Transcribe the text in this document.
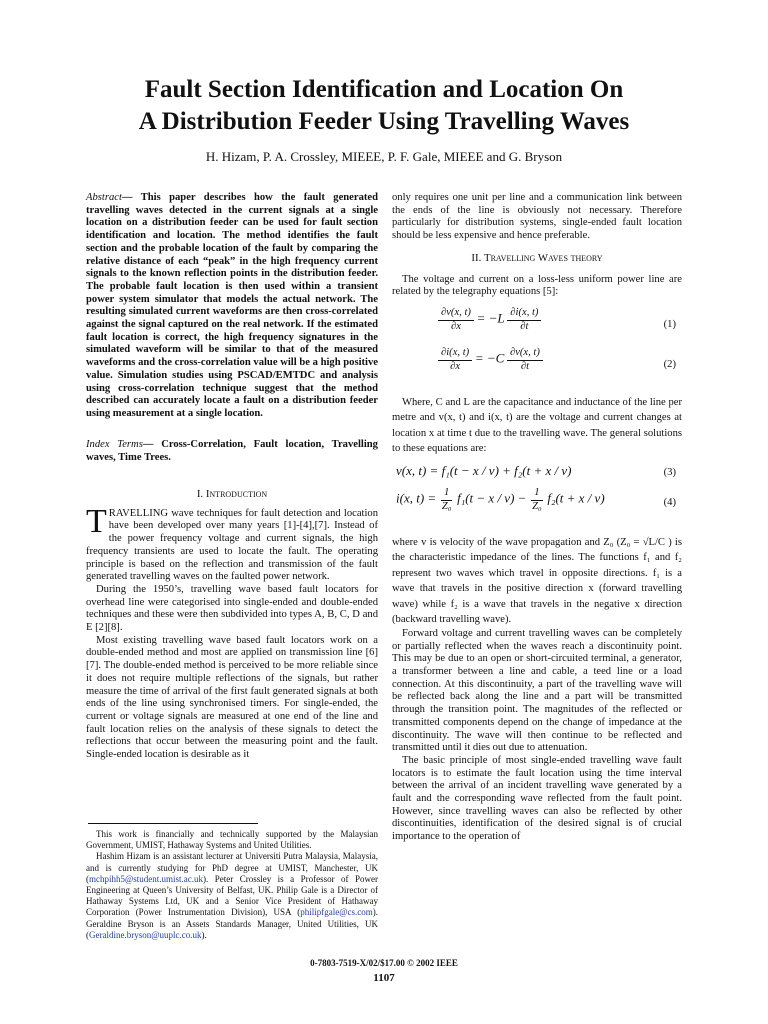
Fault Section Identification and Location On
A Distribution Feeder Using Travelling Waves
H. Hizam, P. A. Crossley, MIEEE, P. F. Gale, MIEEE and G. Bryson
Abstract— This paper describes how the fault generated travelling waves detected in the current signals at a single location on a distribution feeder can be used for fault section identification and location. The method identifies the fault section and the probable location of the fault by comparing the relative distance of each “peak” in the high frequency current signals to the known reflection points in the distribution feeder. The probable fault location is then used within a transient power system simulator that models the actual network. The resulting simulated current waveforms are then cross-correlated against the signal captured on the real network. If the estimated fault location is correct, the high frequency signatures in the simulated waveform will be similar to that of the measured waveforms and the cross-correlation value will be a high positive value. Simulation studies using PSCAD/EMTDC and analysis using cross-correlation technique suggest that the method described can accurately locate a fault on a distribution feeder using measurement at a single location.
Index Terms— Cross-Correlation, Fault location, Travelling waves, Time Trees.
I. Introduction

TRAVELLING wave techniques for fault detection and location have been developed over many years [1]-[4],[7]. Instead of the power frequency voltage and current signals, the high frequency transients are used to locate the fault. The operating principle is based on the reflection and transmission of the fault generated travelling waves on the faulted power network.

During the 1950’s, travelling wave based fault locators for overhead line were categorised into single-ended and double-ended techniques and these were then subdivided into types A, B, C, D and E [2][8].

Most existing travelling wave based fault locators work on a double-ended method and most are applied on transmission line [6][7]. The double-ended method is perceived to be more reliable since it does not require multiple reflections of the signals, but rather measure the time of arrival of the first fault generated signals at both ends of the line using synchronised timers. For single-ended, the current or voltage signals are measured at one end of the line and fault location relies on the analysis of these signals to detect the reflections that occur between the measuring point and the fault. Single-ended location is desirable as it

This work is financially and technically supported by the Malaysian Government, UMIST, Hathaway Systems and United Utilities.

Hashim Hizam is an assistant lecturer at Universiti Putra Malaysia, Malaysia, and is currently studying for PhD degree at UMIST, Manchester, UK (mchpihh5@student.umist.ac.uk). Peter Crossley is a Professor of Power Engineering at Queen’s University of Belfast, UK. Philip Gale is a Director of Hathaway Systems Ltd, UK and a Senior Vice President of Hathaway Corporation (Power Instrumentation Division), USA (philipfgale@cs.com). Geraldine Bryson is an Assets Standards Manager, United Utilities, UK (Geraldine.bryson@uuplc.co.uk).

only requires one unit per line and a communication link between the ends of the line is obviously not necessary. Therefore particularly for distribution systems, single-ended fault location should be less expensive and hence preferable.

II. Travelling Waves theory

The voltage and current on a loss-less uniform power line are related by the telegraphy equations [5]:

$\frac{\partial v(x, t)}{\partial x} = -L \frac{\partial i(x, t)}{\partial t}$	(1)
$\frac{\partial i(x, t)}{\partial x} = -C \frac{\partial v(x, t)}{\partial t}$	(2)

Where, C and L are the capacitance and inductance of the line per metre and v(x, t) and i(x, t) are the voltage and current changes at location x at time t due to the travelling wave. The general solutions to these equations are:

v(x, t) = f₁(t − x / v) + f₂(t + x / v)	(3)
i(x, $t) = \frac{1}{\text{Z₀}} f_1(t - x / v) - \frac{1}{\text{Z₀}} f_2(t + x / v)$	(4)

where v is velocity of the wave propagation and Z₀ (Z₀ = √L/C ) is the characteristic impedance of the lines. The functions f₁ and f₂ represent two waves which travel in opposite directions. f₁ is a wave that travels in the positive direction x (forward travelling wave) while f₂ is a wave that travels in the negative x direction (backward travelling wave).

Forward voltage and current travelling waves can be completely or partially reflected when the waves reach a discontinuity point. This may be due to an open or short-circuited terminal, a generator, a transformer between a line and cable, a teed line or a load connection. At this discontinuity, a part of the travelling wave will be reflected back along the line and a part will be transmitted through the transition point. The magnitudes of the reflected or transmitted components depend on the change of impedance at the discontinuity. The wave will then continue to be reflected and transmitted until it dies out due to attenuation.

The basic principle of most single-ended travelling wave fault locators is to estimate the fault location using the time interval between the arrival of an incident travelling wave generated by a fault and the corresponding wave reflected from the fault point. However, since travelling waves can also be reflected by other discontinuities, identification of the desired signal is of crucial importance to the operation of

0-7803-7519-X/02/$17.00 © 2002 IEEE
1107
